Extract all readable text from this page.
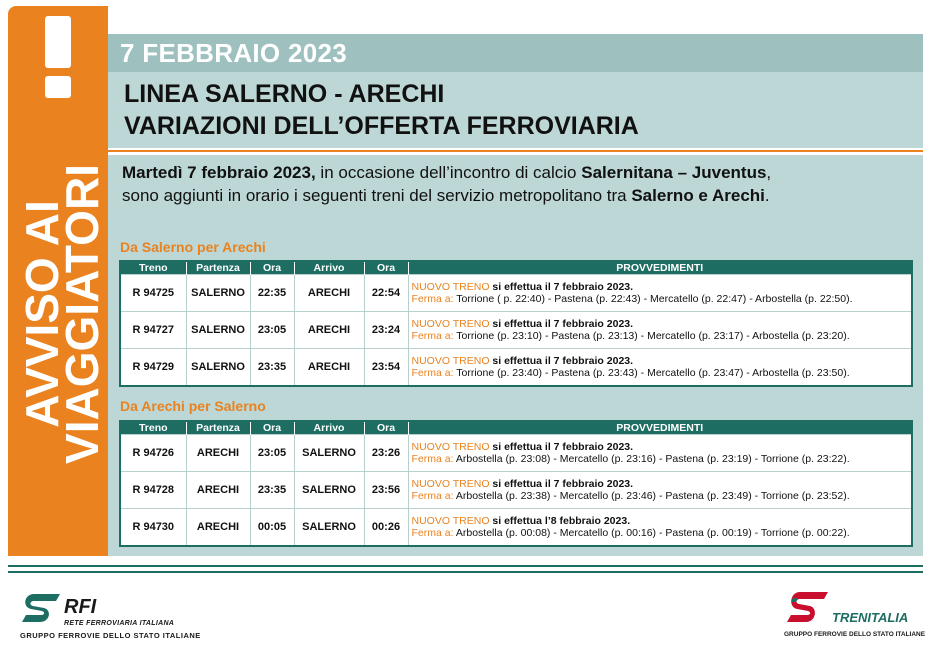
AVVISO AIVIAGGIATORI
7 FEBBRAIO 2023
LINEA SALERNO - ARECHI
VARIAZIONI DELL’OFFERTA FERROVIARIA
Martedì 7 febbraio 2023, in occasione dell’incontro di calcio Salernitana – Juventus,
sono aggiunti in orario i seguenti treni del servizio metropolitano tra Salerno e Arechi.
Da Salerno per Arechi
Treno	Partenza	Ora	Arrivo	Ora	PROVVEDIMENTI
R 94725	SALERNO	22:35	ARECHI	22:54	NUOVO TRENO si effettua il 7 febbraio 2023.
Ferma a: Torrione ( p. 22:40) - Pastena (p. 22:43) - Mercatello (p. 22:47) - Arbostella (p. 22:50).
R 94727	SALERNO	23:05	ARECHI	23:24	NUOVO TRENO si effettua il 7 febbraio 2023.
Ferma a: Torrione (p. 23:10) - Pastena (p. 23:13) - Mercatello (p. 23:17) - Arbostella (p. 23:20).
R 94729	SALERNO	23:35	ARECHI	23:54	NUOVO TRENO si effettua il 7 febbraio 2023.
Ferma a: Torrione (p. 23:40) - Pastena (p. 23:43) - Mercatello (p. 23:47) - Arbostella (p. 23:50).
Da Arechi per Salerno
Treno	Partenza	Ora	Arrivo	Ora	PROVVEDIMENTI
R 94726	ARECHI	23:05	SALERNO	23:26	NUOVO TRENO si effettua il 7 febbraio 2023.
Ferma a: Arbostella (p. 23:08) - Mercatello (p. 23:16) - Pastena (p. 23:19) - Torrione (p. 23:22).
R 94728	ARECHI	23:35	SALERNO	23:56	NUOVO TRENO si effettua il 7 febbraio 2023.
Ferma a: Arbostella (p. 23:38) - Mercatello (p. 23:46) - Pastena (p. 23:49) - Torrione (p. 23:52).
R 94730	ARECHI	00:05	SALERNO	00:26	NUOVO TRENO si effettua l’8 febbraio 2023.
Ferma a: Arbostella (p. 00:08) - Mercatello (p. 00:16) - Pastena (p. 00:19) - Torrione (p. 00:22).
RFI
RETE FERROVIARIA ITALIANA
GRUPPO FERROVIE DELLO STATO ITALIANE
TRENITALIA
GRUPPO FERROVIE DELLO STATO ITALIANE
